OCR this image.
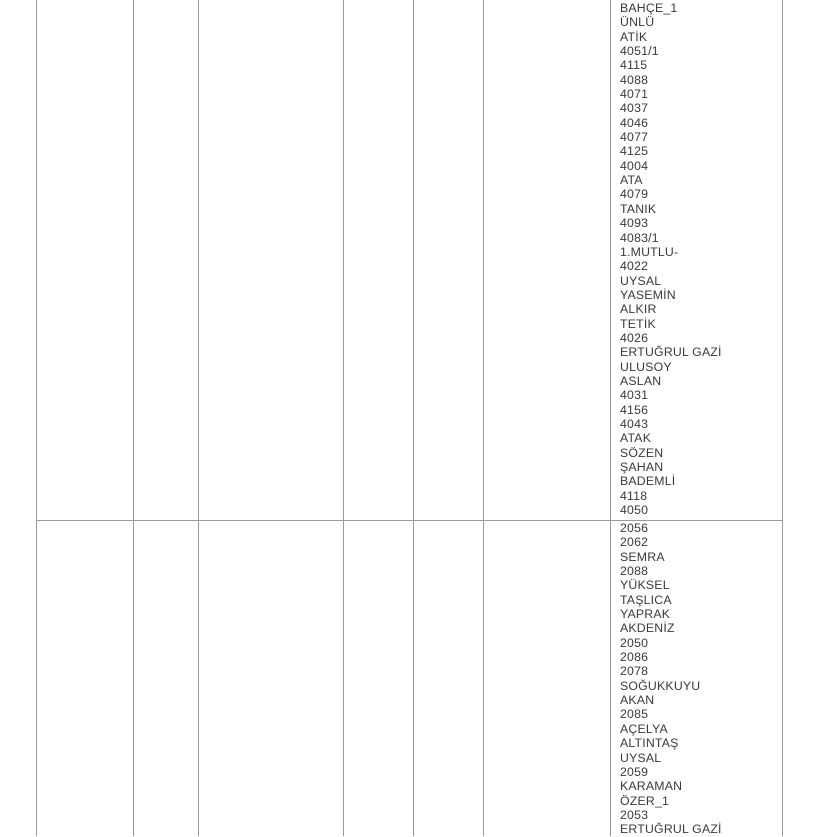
BAHÇE_1
ÜNLÜ
ATİK
4051/1
4115
4088
4071
4037
4046
4077
4125
4004
ATA
4079
TANIK
4093
4083/1
1.MUTLU-
4022
UYSAL
YASEMİN
ALKIR
TETİK
4026
ERTUĞRUL GAZİ
ULUSOY
ASLAN
4031
4156
4043
ATAK
SÖZEN
ŞAHAN
BADEMLİ
4118
4050
2056
2062
SEMRA
2088
YÜKSEL
TAŞLICA
YAPRAK
AKDENİZ
2050
2086
2078
SOĞUKKUYU
AKAN
2085
AÇELYA
ALTINTAŞ
UYSAL
2059
KARAMAN
ÖZER_1
2053
ERTUĞRUL GAZİ
